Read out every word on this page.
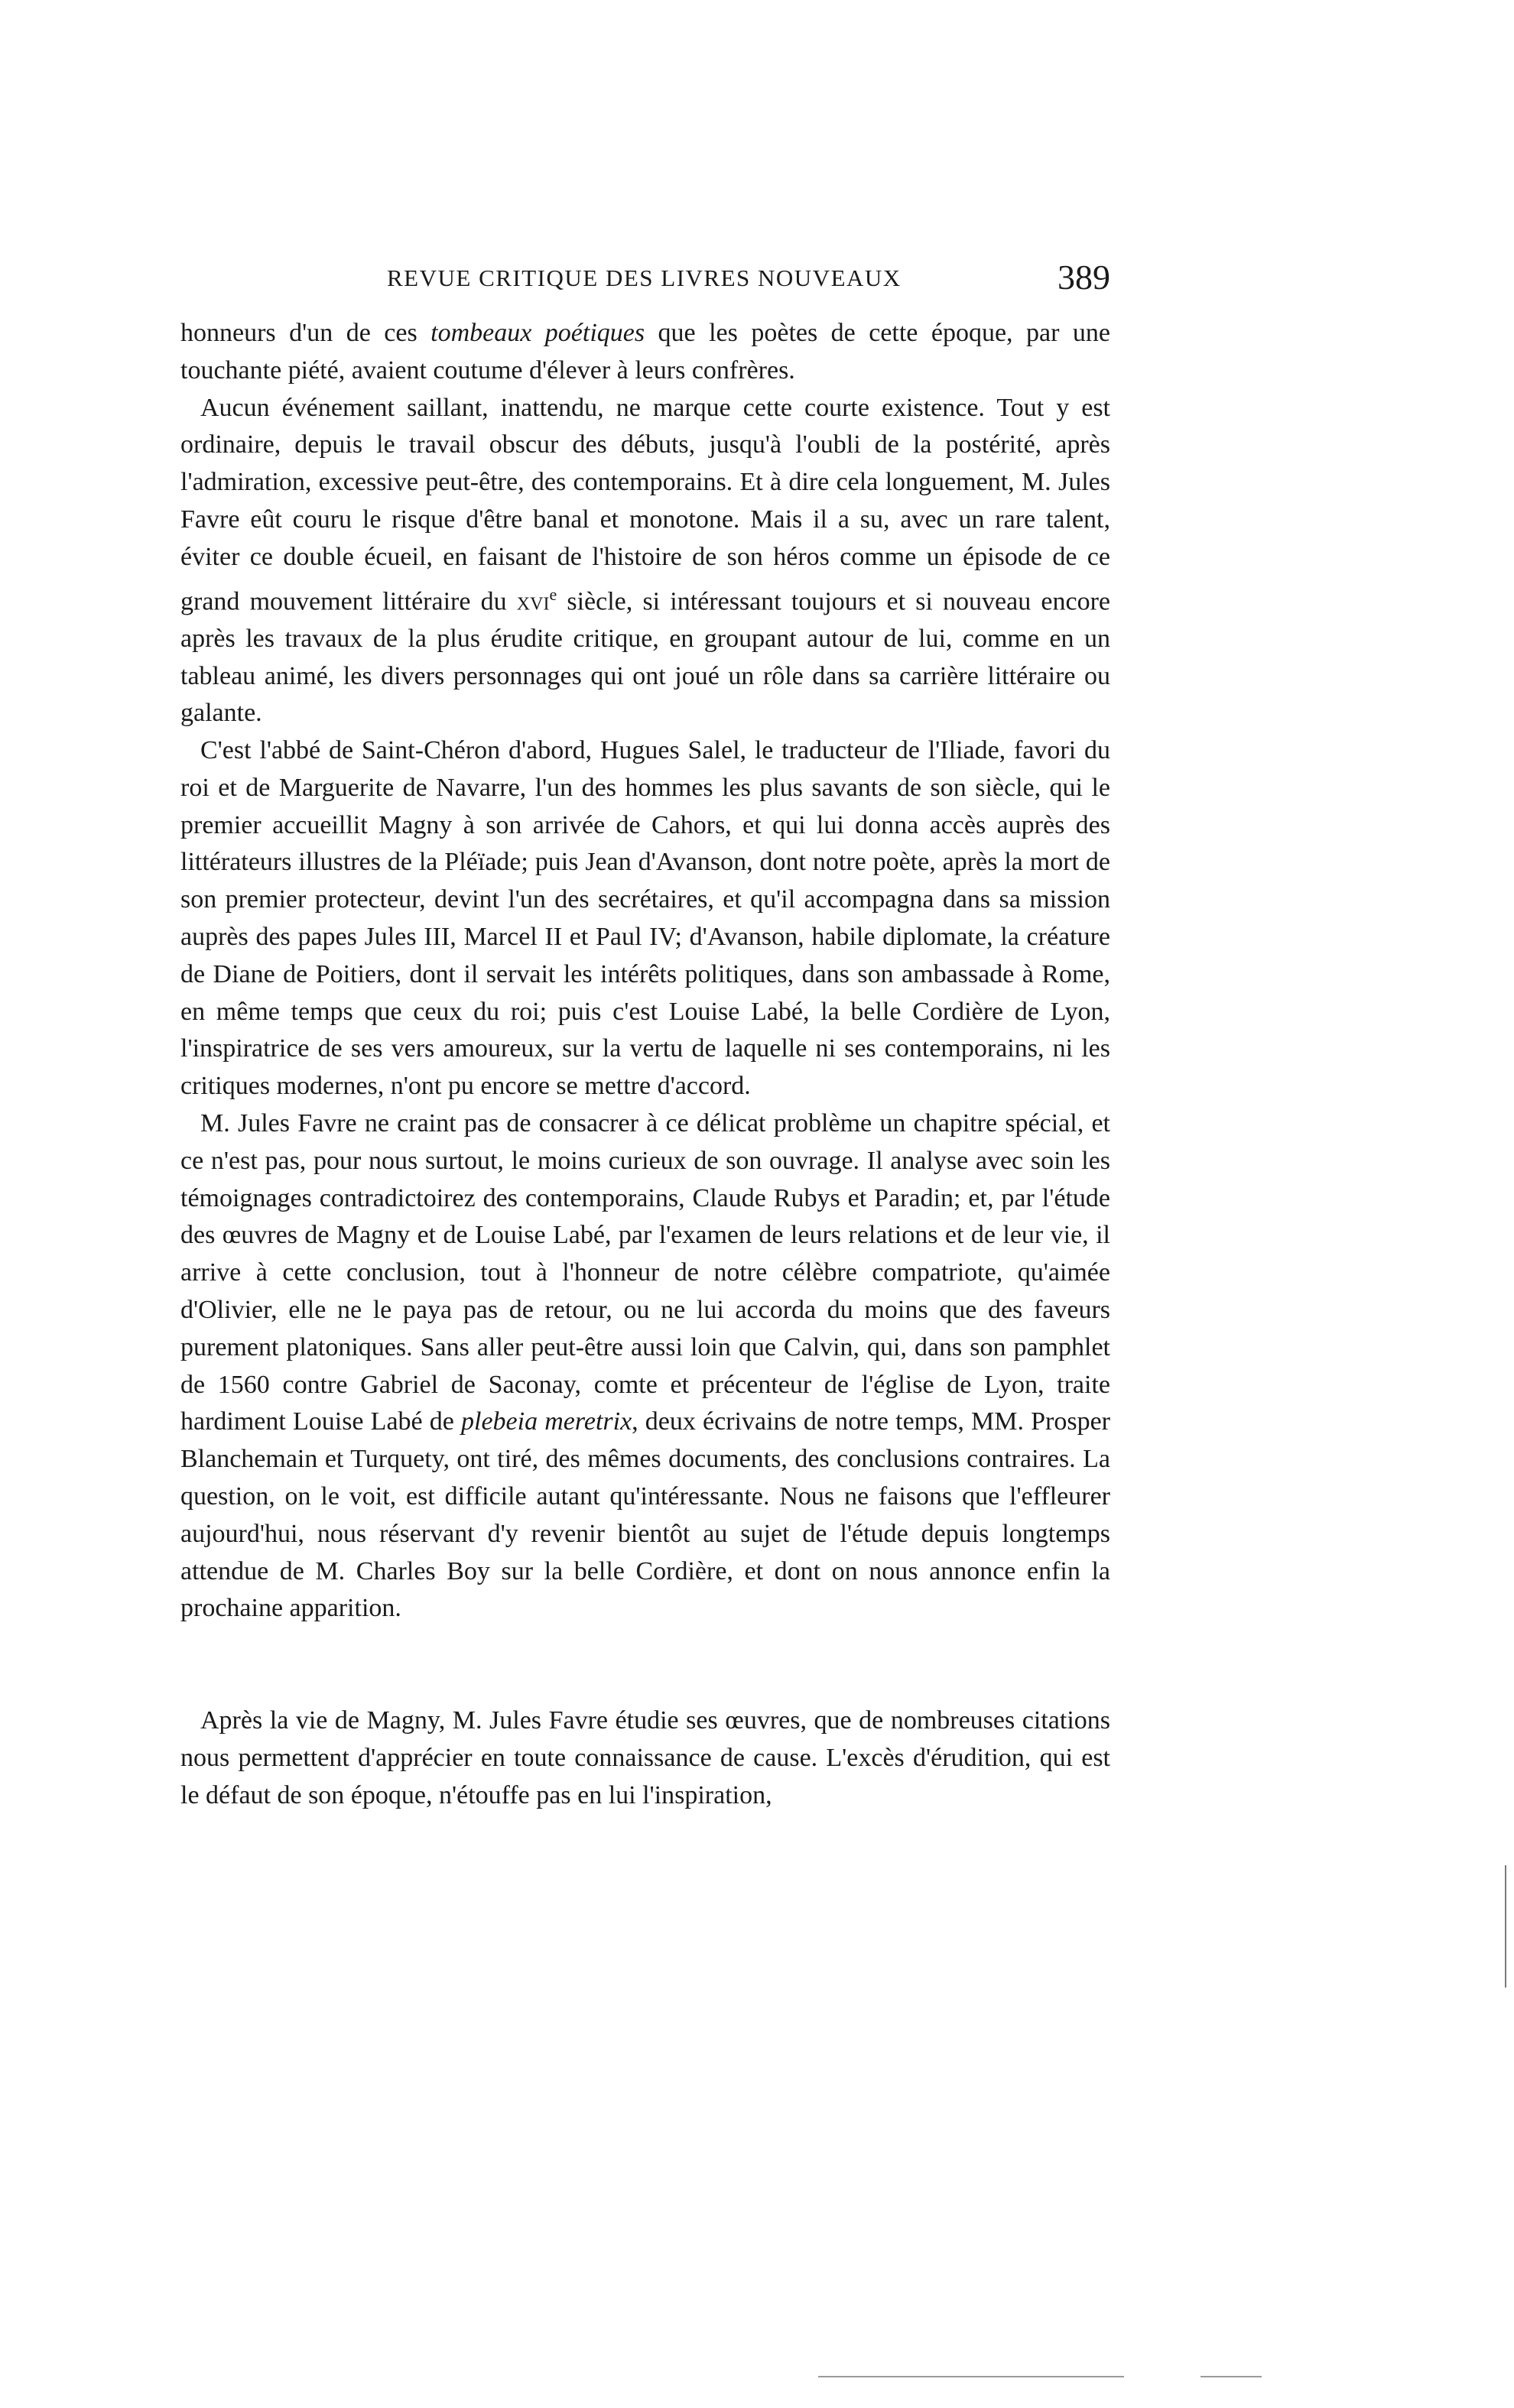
REVUE CRITIQUE DES LIVRES NOUVEAUX	389

honneurs d'un de ces tombeaux poétiques que les poètes de cette époque, par une touchante piété, avaient coutume d'élever à leurs confrères.

Aucun événement saillant, inattendu, ne marque cette courte existence. Tout y est ordinaire, depuis le travail obscur des débuts, jusqu'à l'oubli de la postérité, après l'admiration, excessive peut-être, des contemporains. Et à dire cela longuement, M. Jules Favre eût couru le risque d'être banal et monotone. Mais il a su, avec un rare talent, éviter ce double écueil, en faisant de l'histoire de son héros comme un épisode de ce grand mouvement littéraire du xvi$^e$ siècle, si intéressant toujours et si nouveau encore après les travaux de la plus érudite critique, en groupant autour de lui, comme en un tableau animé, les divers personnages qui ont joué un rôle dans sa carrière littéraire ou galante.

C'est l'abbé de Saint-Chéron d'abord, Hugues Salel, le traducteur de l'Iliade, favori du roi et de Marguerite de Navarre, l'un des hommes les plus savants de son siècle, qui le premier accueillit Magny à son arrivée de Cahors, et qui lui donna accès auprès des littérateurs illustres de la Pléïade; puis Jean d'Avanson, dont notre poète, après la mort de son premier protecteur, devint l'un des secrétaires, et qu'il accompagna dans sa mission auprès des papes Jules III, Marcel II et Paul IV; d'Avanson, habile diplomate, la créature de Diane de Poitiers, dont il servait les intérêts politiques, dans son ambassade à Rome, en même temps que ceux du roi; puis c'est Louise Labé, la belle Cordière de Lyon, l'inspiratrice de ses vers amoureux, sur la vertu de laquelle ni ses contemporains, ni les critiques modernes, n'ont pu encore se mettre d'accord.

M. Jules Favre ne craint pas de consacrer à ce délicat problème un chapitre spécial, et ce n'est pas, pour nous surtout, le moins curieux de son ouvrage. Il analyse avec soin les témoignages contradictoirez des contemporains, Claude Rubys et Paradin; et, par l'étude des œuvres de Magny et de Louise Labé, par l'examen de leurs relations et de leur vie, il arrive à cette conclusion, tout à l'honneur de notre célèbre compatriote, qu'aimée d'Olivier, elle ne le paya pas de retour, ou ne lui accorda du moins que des faveurs purement platoniques. Sans aller peut-être aussi loin que Calvin, qui, dans son pamphlet de 1560 contre Gabriel de Saconay, comte et précenteur de l'église de Lyon, traite hardiment Louise Labé de plebeia meretrix, deux écrivains de notre temps, MM. Prosper Blanchemain et Turquety, ont tiré, des mêmes documents, des conclusions contraires. La question, on le voit, est difficile autant qu'intéressante. Nous ne faisons que l'effleurer aujourd'hui, nous réservant d'y revenir bientôt au sujet de l'étude depuis longtemps attendue de M. Charles Boy sur la belle Cordière, et dont on nous annonce enfin la prochaine apparition.

Après la vie de Magny, M. Jules Favre étudie ses œuvres, que de nombreuses citations nous permettent d'apprécier en toute connaissance de cause. L'excès d'érudition, qui est le défaut de son époque, n'étouffe pas en lui l'inspiration,
